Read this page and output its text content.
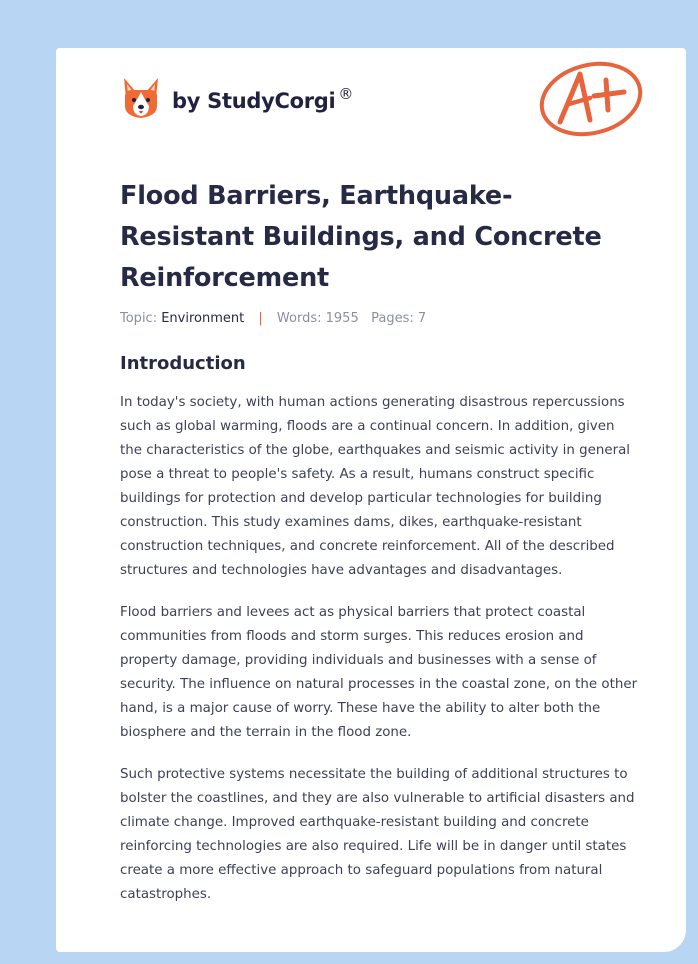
by StudyCorgi ®
Flood Barriers, Earthquake-Resistant Buildings, and Concrete Reinforcement
Topic: Environment | Words: 1955 Pages: 7
Introduction

In today's society, with human actions generating disastrous repercussions such as global warming, floods are a continual concern. In addition, given the characteristics of the globe, earthquakes and seismic activity in general pose a threat to people's safety. As a result, humans construct specific buildings for protection and develop particular technologies for building construction. This study examines dams, dikes, earthquake-resistant construction techniques, and concrete reinforcement. All of the described structures and technologies have advantages and disadvantages.

Flood barriers and levees act as physical barriers that protect coastal communities from floods and storm surges. This reduces erosion and property damage, providing individuals and businesses with a sense of security. The influence on natural processes in the coastal zone, on the other hand, is a major cause of worry. These have the ability to alter both the biosphere and the terrain in the flood zone.

Such protective systems necessitate the building of additional structures to bolster the coastlines, and they are also vulnerable to artificial disasters and climate change. Improved earthquake-resistant building and concrete reinforcing technologies are also required. Life will be in danger until states create a more effective approach to safeguard populations from natural catastrophes.
